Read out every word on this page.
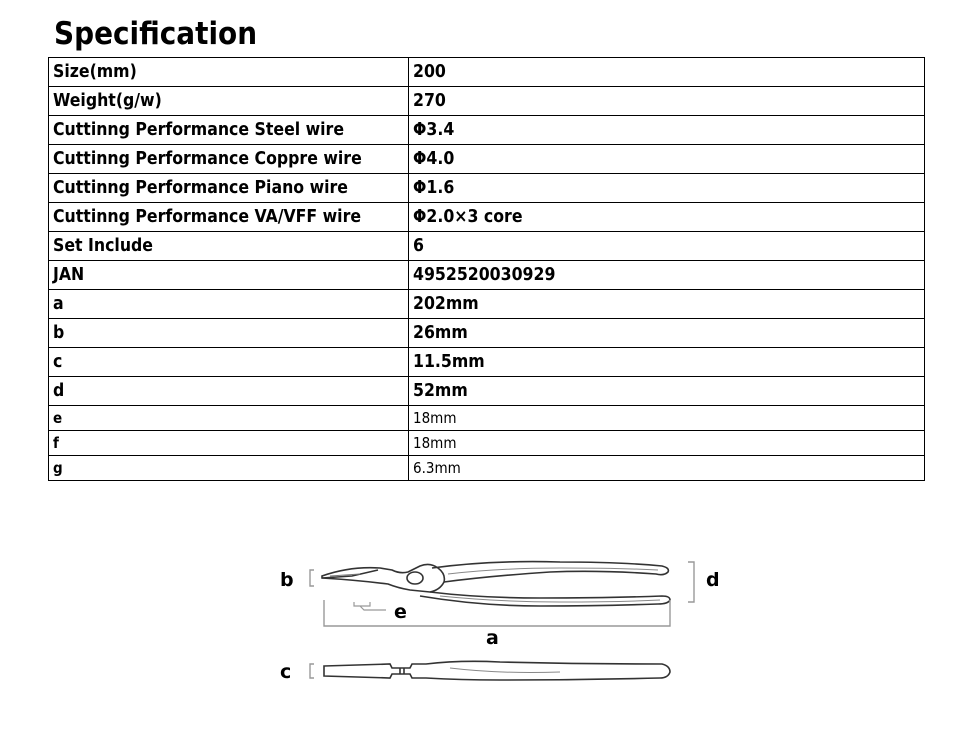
Specification
Size(mm)	200
Weight(g/w)	270
Cuttinng Performance Steel wire	Φ3.4
Cuttinng Performance Coppre wire	Φ4.0
Cuttinng Performance Piano wire	Φ1.6
Cuttinng Performance VA/VFF wire	Φ2.0×3 core
Set Include	6
JAN	4952520030929
a	202mm
b	26mm
c	11.5mm
d	52mm
e	18mm
f	18mm
g	6.3mm
b	d
e
a
c
